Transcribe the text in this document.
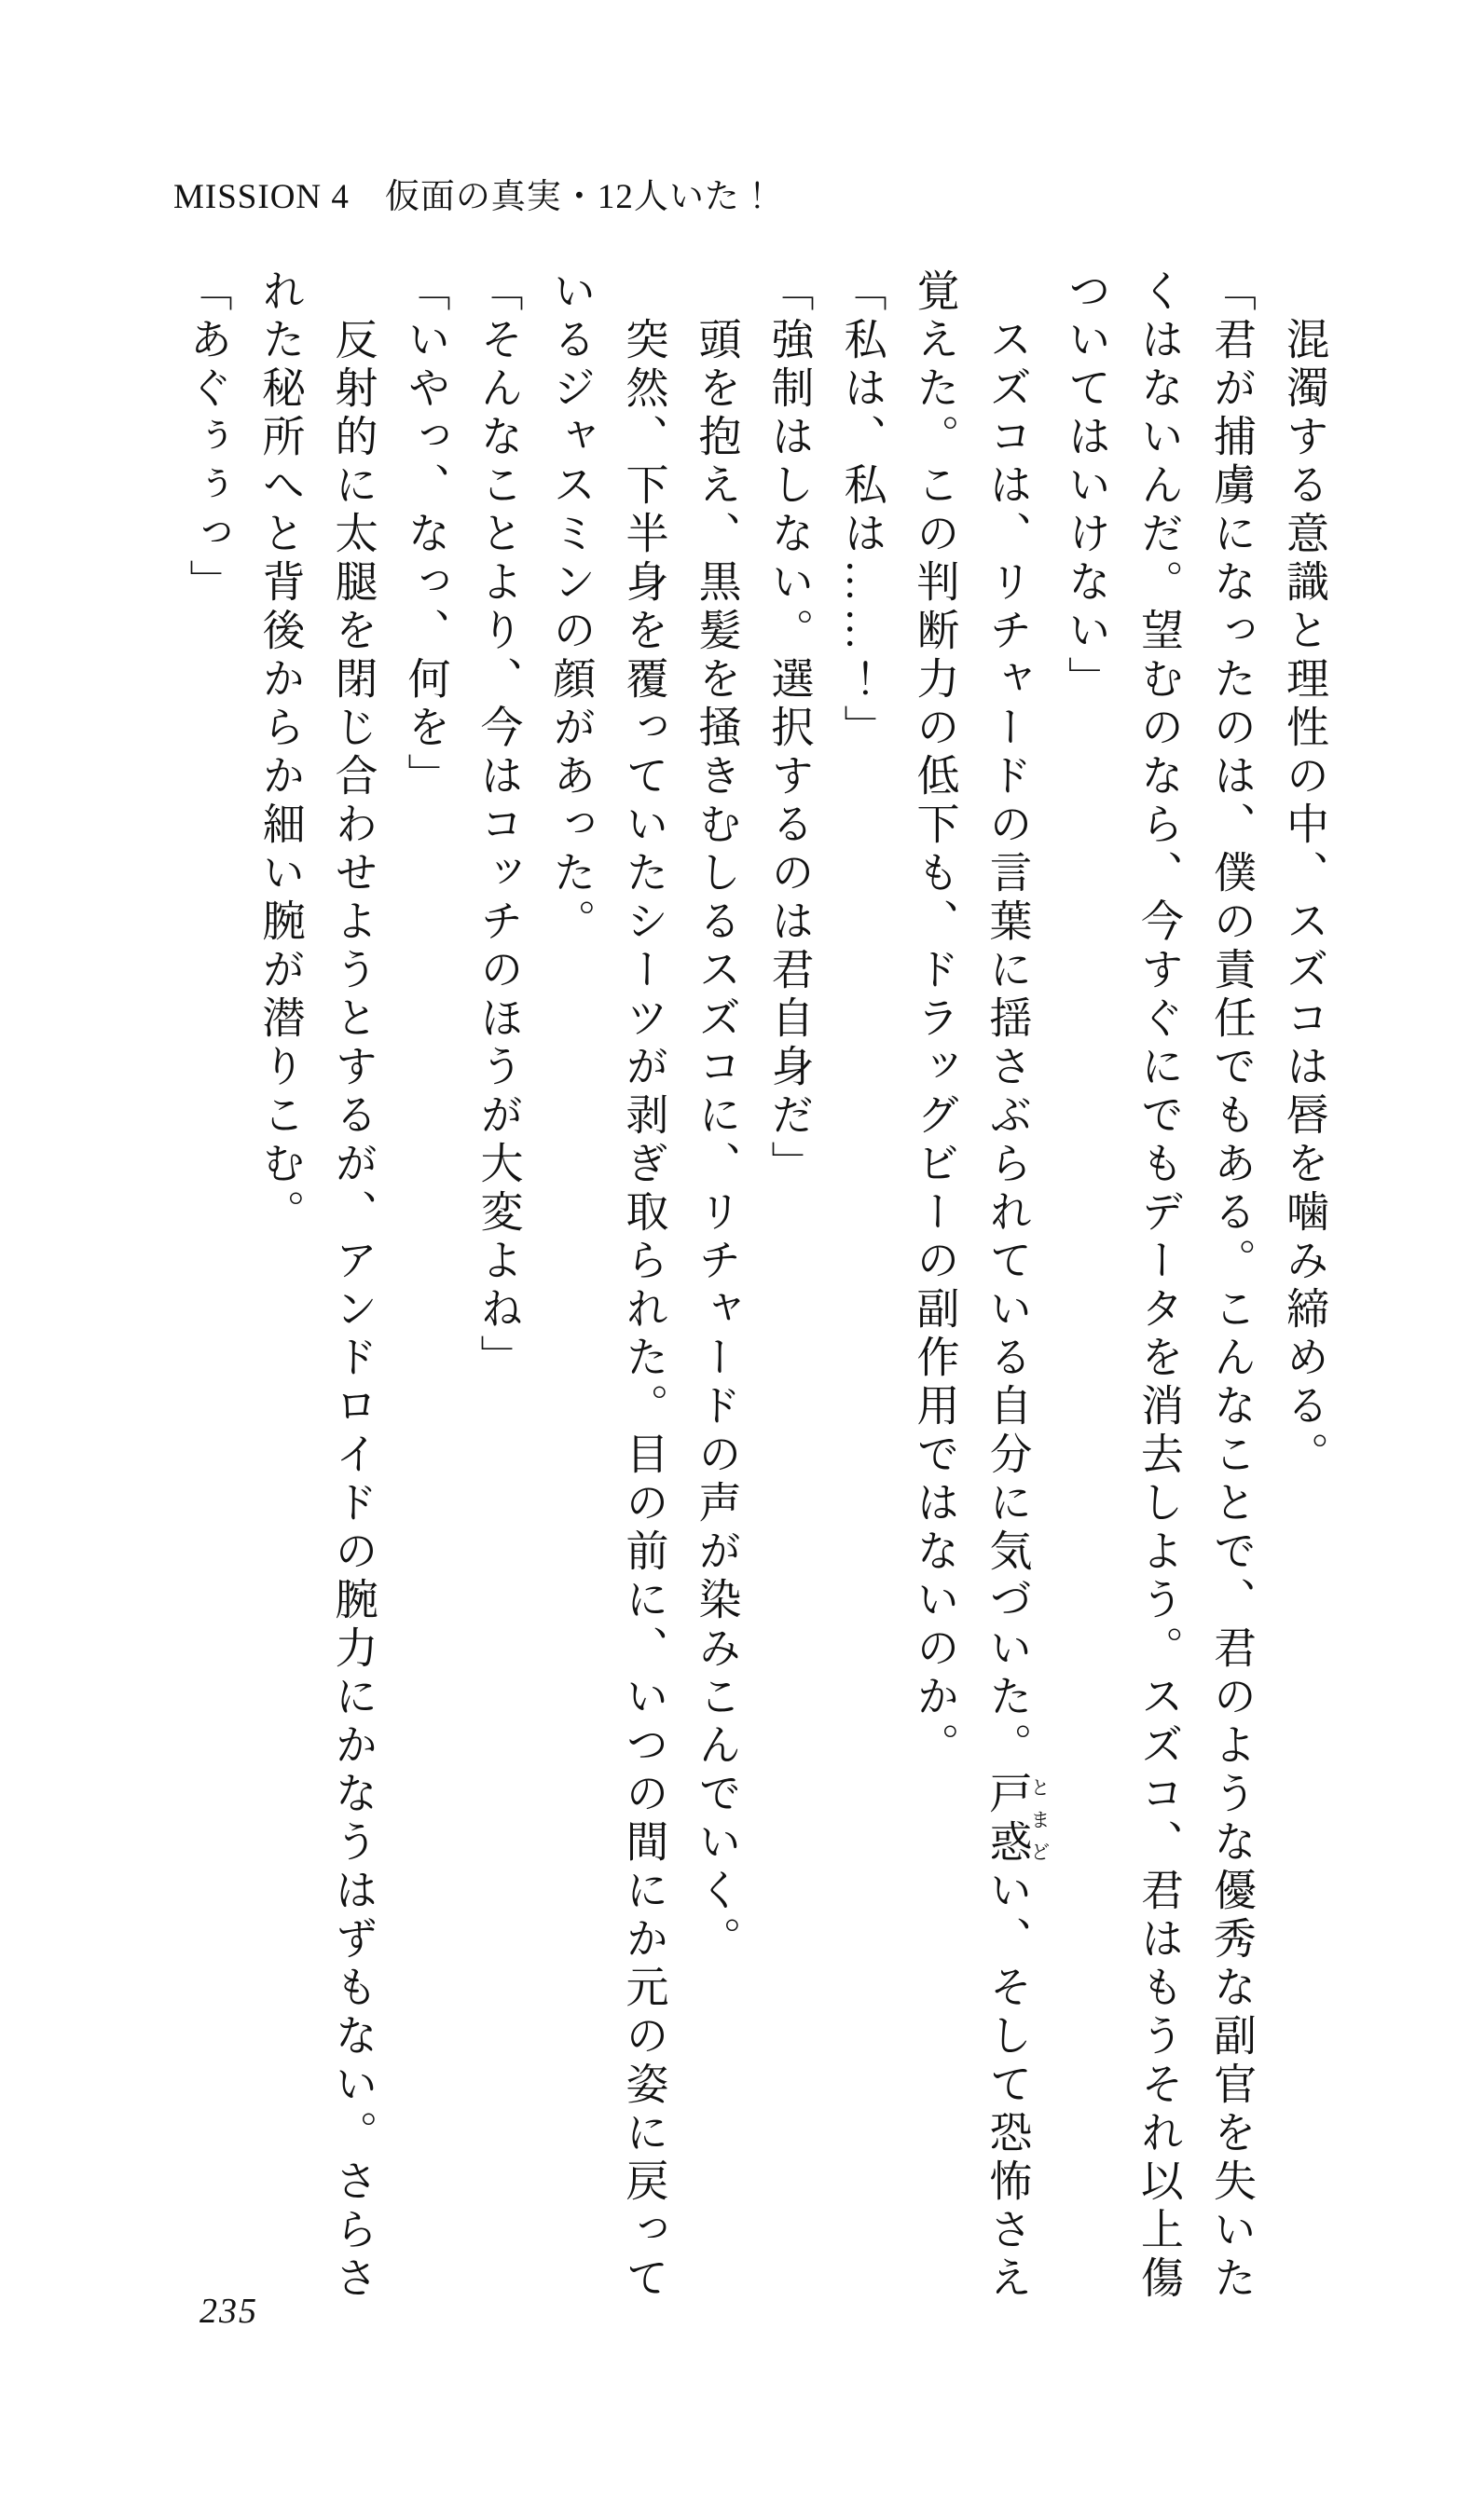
MISSION 4　仮面の真実・12人いた！

混濁する意識と理性の中、スズコは唇を噛み締める。

「君が捕虜になったのは、僕の責任でもある。こんなことで、君のような優秀な副官を失いたくはないんだ。望むのなら、今すぐにでもデータを消去しよう。スズコ、君はもうそれ以上傷ついてはいけない」

スズコは、リチャードの言葉に揺さぶられている自分に気づいた。戸惑とまどい、そして恐怖さえ覚えた。この判断力の低下も、ドラッグビーの副作用ではないのか。

「私は、私は……！」

「強制はしない。選択するのは君自身だ」

頭を抱え、黒髪を掻きむしるスズコに、リチャードの声が染みこんでいく。

突然、下半身を覆っていたシーツが剥ぎ取られた。目の前に、いつの間にか元の姿に戻っているジャスミンの顔があった。

「そんなことより、今はコッチのほうが大変よね」

「いやっ、なっ、何を」

反射的に太腿を閉じ合わせようとするが、アンドロイドの腕力にかなうはずもない。さらされた秘所へと背後からか細い腕が潜りこむ。

「あぐぅぅっ」

235
